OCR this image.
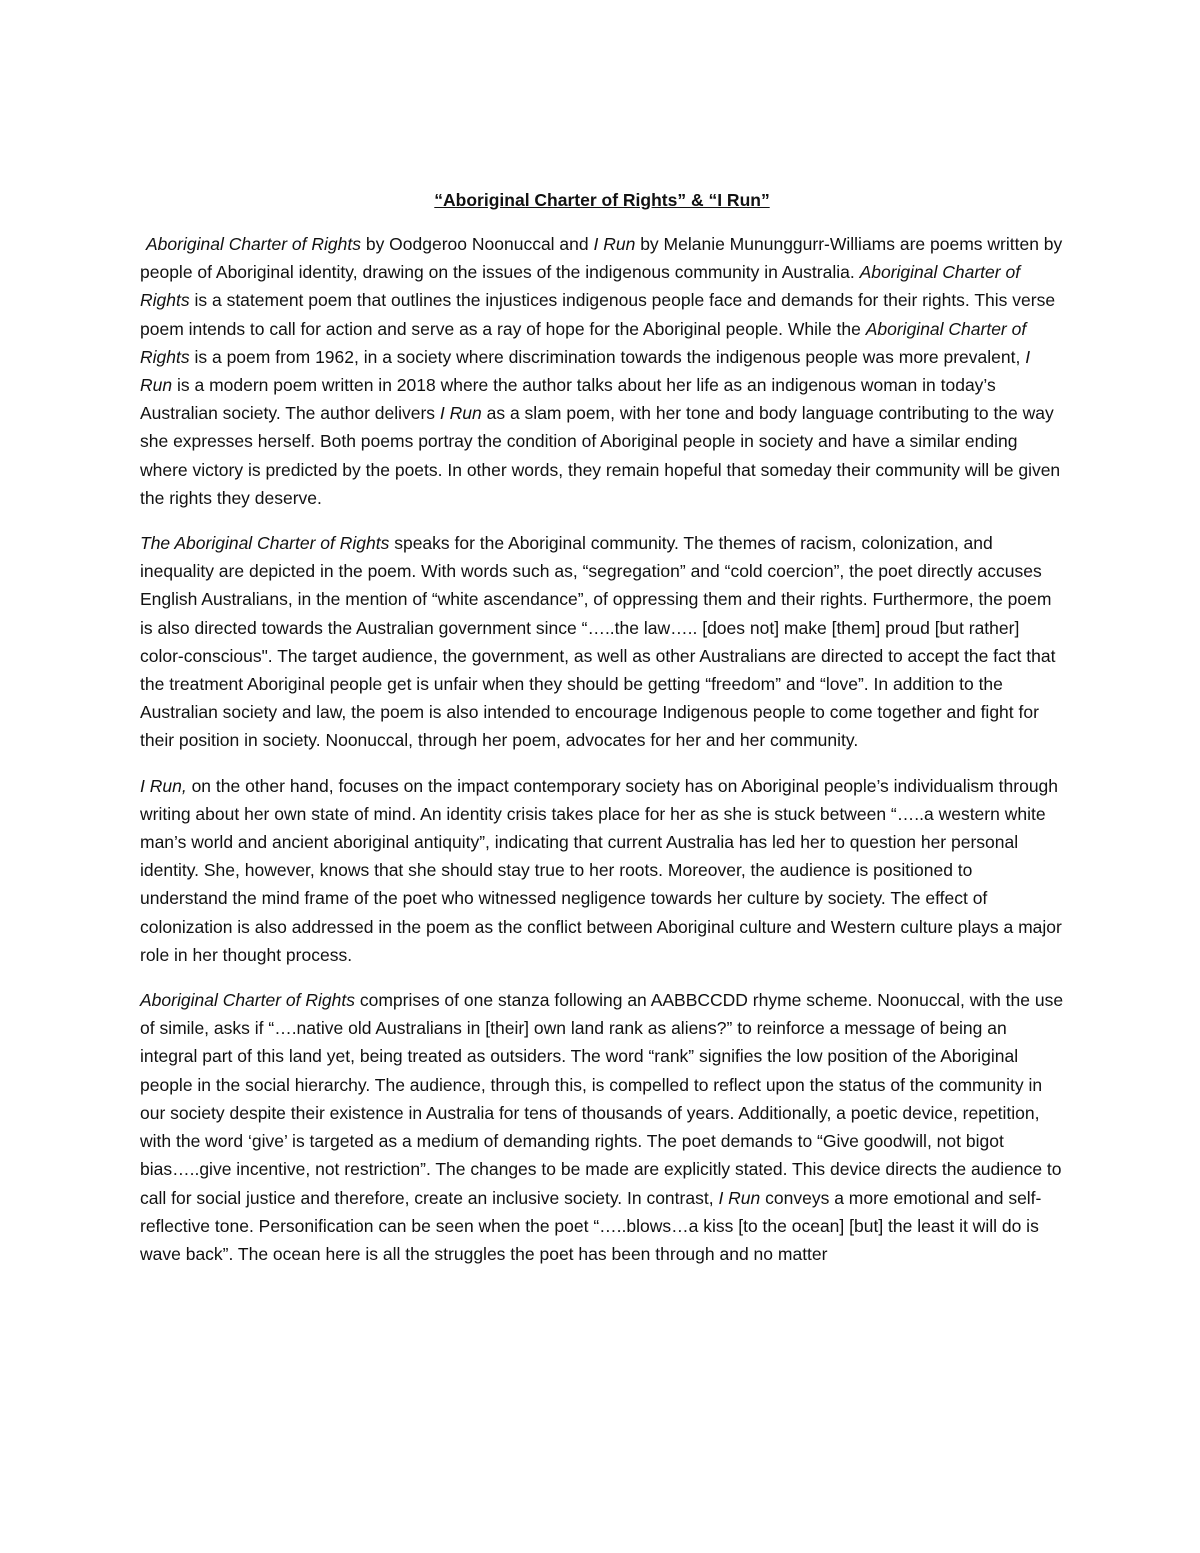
“Aboriginal Charter of Rights” & “I Run”

Aboriginal Charter of Rights by Oodgeroo Noonuccal and I Run by Melanie Mununggurr-Williams are poems written by people of Aboriginal identity, drawing on the issues of the indigenous community in Australia. Aboriginal Charter of Rights is a statement poem that outlines the injustices indigenous people face and demands for their rights. This verse poem intends to call for action and serve as a ray of hope for the Aboriginal people. While the Aboriginal Charter of Rights is a poem from 1962, in a society where discrimination towards the indigenous people was more prevalent, I Run is a modern poem written in 2018 where the author talks about her life as an indigenous woman in today’s Australian society. The author delivers I Run as a slam poem, with her tone and body language contributing to the way she expresses herself. Both poems portray the condition of Aboriginal people in society and have a similar ending where victory is predicted by the poets. In other words, they remain hopeful that someday their community will be given the rights they deserve.

The Aboriginal Charter of Rights speaks for the Aboriginal community. The themes of racism, colonization, and inequality are depicted in the poem. With words such as, “segregation” and “cold coercion”, the poet directly accuses English Australians, in the mention of “white ascendance”, of oppressing them and their rights. Furthermore, the poem is also directed towards the Australian government since “…..the law….. [does not] make [them] proud [but rather] color-conscious". The target audience, the government, as well as other Australians are directed to accept the fact that the treatment Aboriginal people get is unfair when they should be getting “freedom” and “love”. In addition to the Australian society and law, the poem is also intended to encourage Indigenous people to come together and fight for their position in society. Noonuccal, through her poem, advocates for her and her community.

I Run, on the other hand, focuses on the impact contemporary society has on Aboriginal people’s individualism through writing about her own state of mind. An identity crisis takes place for her as she is stuck between “…..a western white man’s world and ancient aboriginal antiquity”, indicating that current Australia has led her to question her personal identity. She, however, knows that she should stay true to her roots. Moreover, the audience is positioned to understand the mind frame of the poet who witnessed negligence towards her culture by society. The effect of colonization is also addressed in the poem as the conflict between Aboriginal culture and Western culture plays a major role in her thought process.

Aboriginal Charter of Rights comprises of one stanza following an AABBCCDD rhyme scheme. Noonuccal, with the use of simile, asks if “….native old Australians in [their] own land rank as aliens?” to reinforce a message of being an integral part of this land yet, being treated as outsiders. The word “rank” signifies the low position of the Aboriginal people in the social hierarchy. The audience, through this, is compelled to reflect upon the status of the community in our society despite their existence in Australia for tens of thousands of years. Additionally, a poetic device, repetition, with the word ‘give’ is targeted as a medium of demanding rights. The poet demands to “Give goodwill, not bigot bias…..give incentive, not restriction”. The changes to be made are explicitly stated. This device directs the audience to call for social justice and therefore, create an inclusive society. In contrast, I Run conveys a more emotional and self-reflective tone. Personification can be seen when the poet “…..blows…a kiss [to the ocean] [but] the least it will do is wave back”. The ocean here is all the struggles the poet has been through and no matter
